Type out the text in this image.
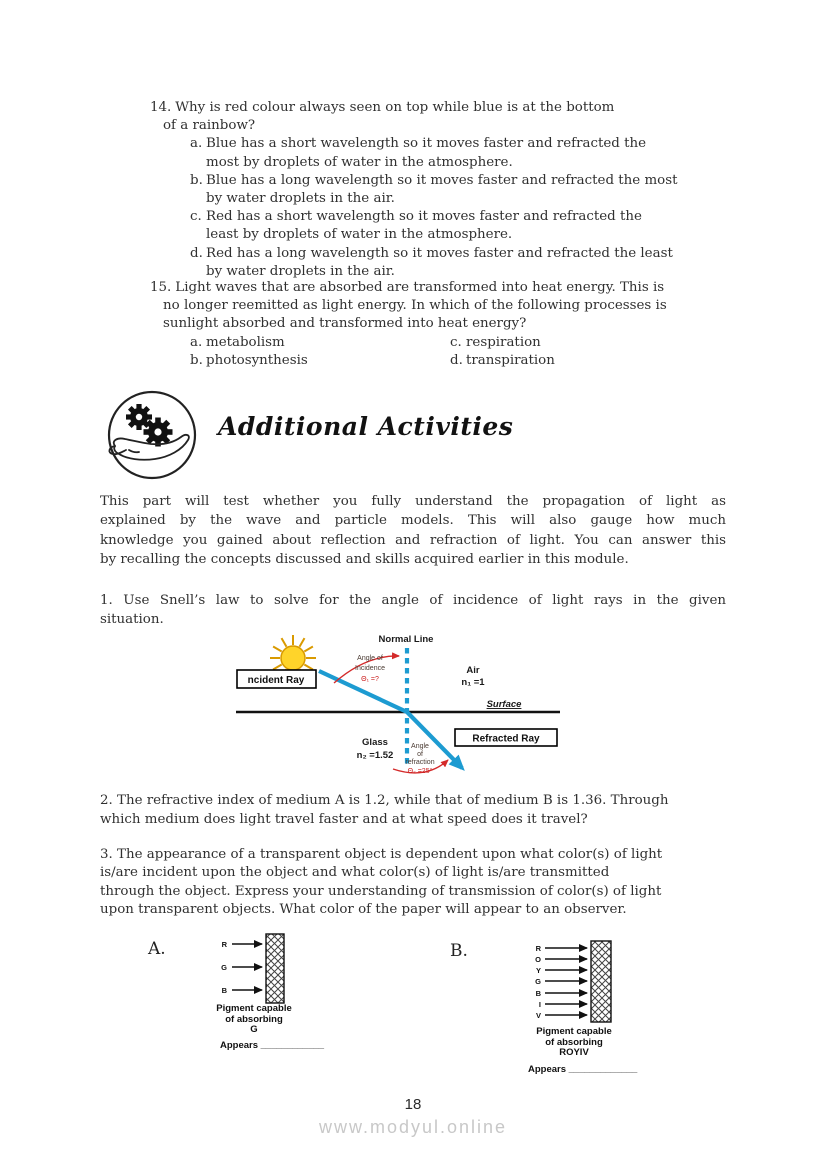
14. Why is red colour always seen on top while blue is at the bottom
of a rainbow?
a. Blue has a short wavelength so it moves faster and refracted the
most by droplets of water in the atmosphere.
b. Blue has a long wavelength so it moves faster and refracted the most
by water droplets in the air.
c. Red has a short wavelength so it moves faster and refracted the
least by droplets of water in the atmosphere.
d. Red has a long wavelength so it moves faster and refracted the least
by water droplets in the air.
15. Light waves that are absorbed are transformed into heat energy. This is
no longer reemitted as light energy. In which of the following processes is
sunlight absorbed and transformed into heat energy?
a. metabolism	c. respiration
b. photosynthesis	d. transpiration
Additional Activities
This part will test whether you fully understand the propagation of light as
explained by the wave and particle models. This will also gauge how much
knowledge you gained about reflection and refraction of light. You can answer this
by recalling the concepts discussed and skills acquired earlier in this module.
1. Use Snell’s law to solve for the angle of incidence of light rays in the given
situation.
Normal Line
ncident Ray
Air
n₁ =1
Surface
Glass
n₂ =1.52
Refracted Ray
Angle of
Incidence
Θ₁ =?
Angle
of
refraction
Θ₂ =25°
2. The refractive index of medium A is 1.2, while that of medium B is 1.36. Through
which medium does light travel faster and at what speed does it travel?
3. The appearance of a transparent object is dependent upon what color(s) of light
is/are incident upon the object and what color(s) of light is/are transmitted
through the object. Express your understanding of transmission of color(s) of light
upon transparent objects. What color of the paper will appear to an observer.
A.	R
G
B
Pigment capable
of absorbing
G
Appears ____________
B.	R
O
Y
G
B
I
V
Pigment capable
of absorbing
ROYIV
Appears _____________
18
www.modyul.online
